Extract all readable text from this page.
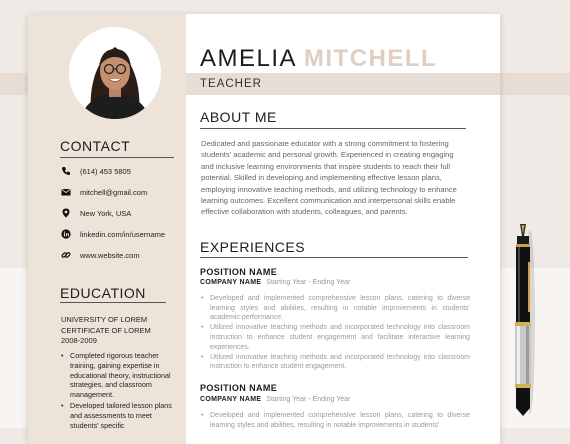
CONTACT
(614) 453 5805
mitchell@gmail.com
New York, USA
linkedin.com/in/username
www.website.com
EDUCATION
UNIVERSITY OF LOREM
CERTIFICATE OF LOREM
2008-2009
• Completed rigorous teacher training, gaining expertise in educational theory, instructional strategies, and classroom management.
• Developed tailored lesson plans and assessments to meet students' specific
AMELIA MITCHELL
TEACHER
ABOUT ME
Dedicated and passionate educator with a strong commitment to fostering students' academic and personal growth. Experienced in creating engaging and inclusive learning environments that inspire students to reach their full potential. Skilled in developing and implementing effective lesson plans, employing innovative teaching methods, and utilizing technology to enhance learning outcomes. Excellent communication and interpersonal skills enable effective collaboration with students, colleagues, and parents.
EXPERIENCES
POSITION NAME
COMPANY NAME Starting Year - Ending Year
• Developed and implemented comprehensive lesson plans, catering to diverse learning styles and abilities, resulting in notable improvements in students' academic performance.
• Utilized innovative teaching methods and incorporated technology into classroom instruction to enhance student engagement and facilitate interactive learning experiences.
• Utilized innovative teaching methods and incorporated technology into classroom instruction to enhance student engagement.
POSITION NAME
COMPANY NAME Starting Year - Ending Year
• Developed and implemented comprehensive lesson plans, catering to diverse learning styles and abilities, resulting in notable improvements in students'
